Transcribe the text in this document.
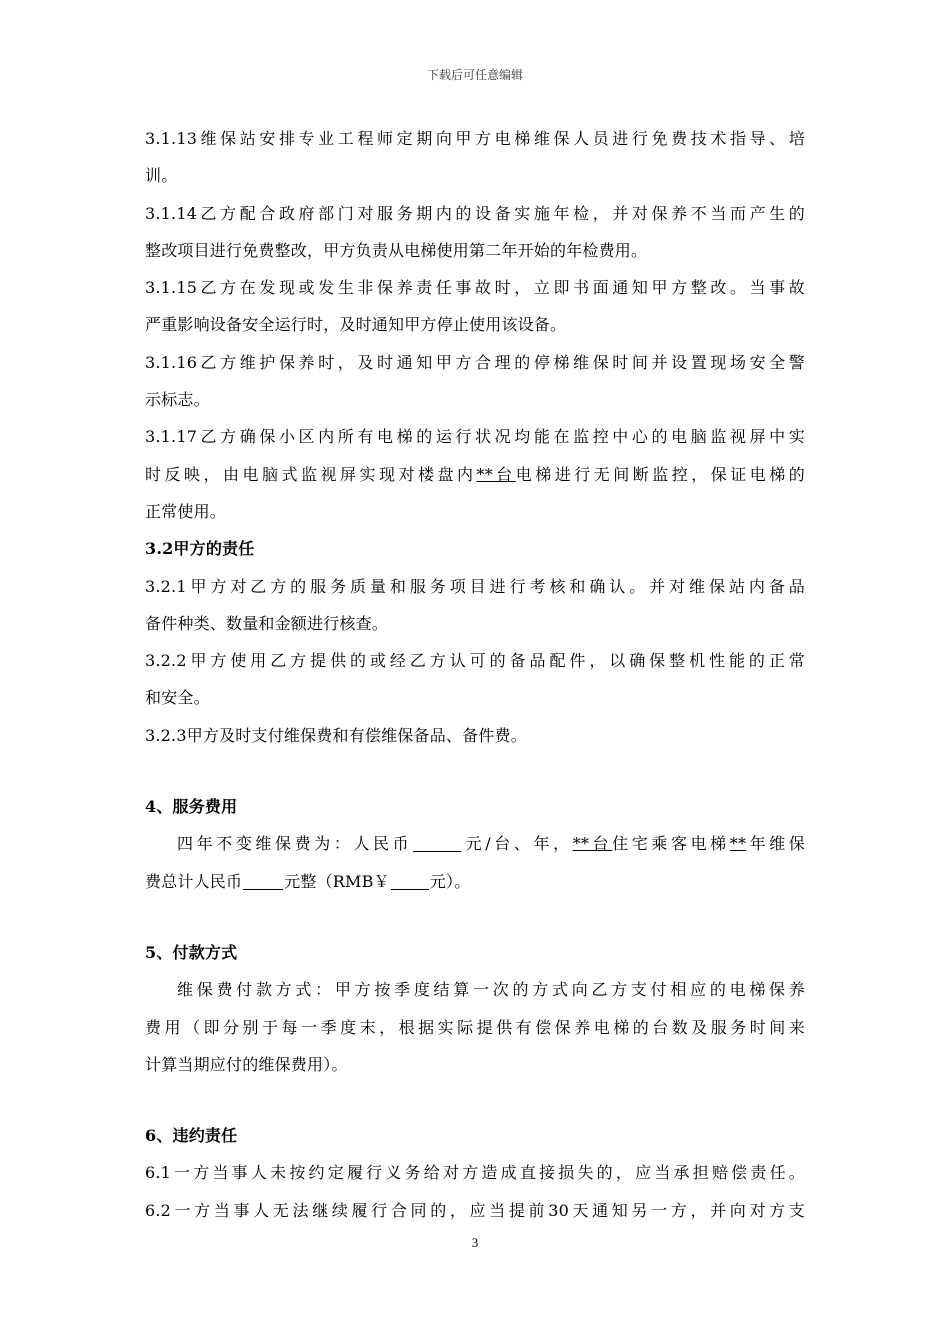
下载后可任意编辑
3.1.13维保站安排专业工程师定期向甲方电梯维保人员进行免费技术指导、培
训。
3.1.14乙方配合政府部门对服务期内的设备实施年检，并对保养不当而产生的
整改项目进行免费整改，甲方负责从电梯使用第二年开始的年检费用。
3.1.15乙方在发现或发生非保养责任事故时，立即书面通知甲方整改。当事故
严重影响设备安全运行时，及时通知甲方停止使用该设备。
3.1.16乙方维护保养时，及时通知甲方合理的停梯维保时间并设置现场安全警
示标志。
3.1.17乙方确保小区内所有电梯的运行状况均能在监控中心的电脑监视屏中实
时反映，由电脑式监视屏实现对楼盘内**台电梯进行无间断监控，保证电梯的
正常使用。
3.2甲方的责任
3.2.1甲方对乙方的服务质量和服务项目进行考核和确认。并对维保站内备品
备件种类、数量和金额进行核查。
3.2.2甲方使用乙方提供的或经乙方认可的备品配件，以确保整机性能的正常
和安全。
3.2.3甲方及时支付维保费和有偿维保备品、备件费。
4、服务费用
四年不变维保费为：人民币	元/台、年，**台住宅乘客电梯**年维保
费总计人民币	元整（RMB￥	元）。
5、付款方式
维保费付款方式：甲方按季度结算一次的方式向乙方支付相应的电梯保养
费用（即分别于每一季度末，根据实际提供有偿保养电梯的台数及服务时间来
计算当期应付的维保费用）。
6、违约责任
6.1一方当事人未按约定履行义务给对方造成直接损失的，应当承担赔偿责任。
6.2一方当事人无法继续履行合同的，应当提前30天通知另一方，并向对方支
3
